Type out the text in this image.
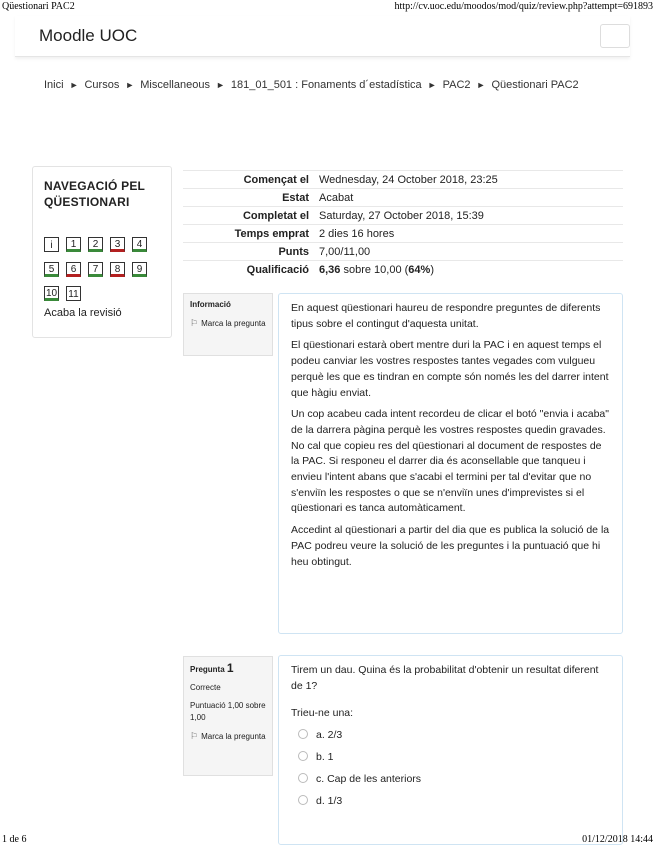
Qüestionari PAC2	http://cv.uoc.edu/moodos/mod/quiz/review.php?attempt=691893
Moodle UOC
Inici ► Cursos ► Miscellaneous ► 181_01_501 : Fonaments d´estadística ► PAC2 ► Qüestionari PAC2
NAVEGACIÓ PEL QÜESTIONARI
i	1	2	3	4
5	6	7	8	9
10 11
Acaba la revisió
Començat el	Wednesday, 24 October 2018, 23:25
Estat	Acabat
Completat el	Saturday, 27 October 2018, 15:39
Temps emprat	2 dies 16 hores
Punts	7,00/11,00
Qualificació	6,36 sobre 10,00 (64%)
Informació

⚐ Marca la pregunta

En aquest qüestionari haureu de respondre preguntes de diferents tipus sobre el contingut d'aquesta unitat.

El qüestionari estarà obert mentre duri la PAC i en aquest temps el podeu canviar les vostres respostes tantes vegades com vulgueu perquè les que es tindran en compte són només les del darrer intent que hàgiu enviat.

Un cop acabeu cada intent recordeu de clicar el botó "envia i acaba" de la darrera pàgina perquè les vostres respostes quedin gravades. No cal que copieu res del qüestionari al document de respostes de la PAC. Si responeu el darrer dia és aconsellable que tanqueu i envieu l'intent abans que s'acabi el termini per tal d'evitar que no s'enviïn les respostes o que se n'enviïn unes d'imprevistes si el qüestionari es tanca automàticament.

Accedint al qüestionari a partir del dia que es publica la solució de la PAC podreu veure la solució de les preguntes i la puntuació que hi heu obtingut.

Pregunta 1

Correcte

Puntuació 1,00 sobre 1,00

⚐ Marca la pregunta

Tirem un dau. Quina és la probabilitat d'obtenir un resultat diferent de 1?

Trieu-ne una:
a. 2/3
b. 1
c. Cap de les anteriors
d. 1/3
1 de 6	01/12/2018 14:44
